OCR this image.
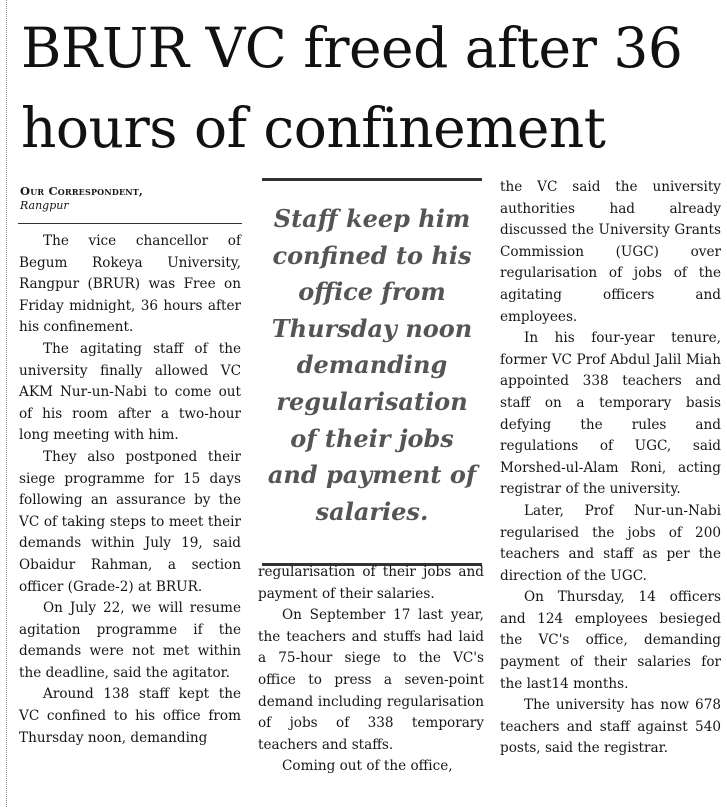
BRUR VC freed after 36 hours of confinement
Our Correspondent,
Rangpur

The vice chancellor of Begum Rokeya University, Rangpur (BRUR) was Free on Friday midnight, 36 hours after his confinement.

The agitating staff of the university finally allowed VC AKM Nur-un-Nabi to come out of his room after a two-hour long meeting with him.

They also postponed their siege programme for 15 days following an assurance by the VC of taking steps to meet their demands within July 19, said Obaidur Rahman, a section officer (Grade-2) at BRUR.

On July 22, we will resume agitation programme if the demands were not met within the deadline, said the agitator.

Around 138 staff kept the VC confined to his office from Thursday noon, demanding

Staff keep him confined to his office from Thursday noon demanding regularisation of their jobs and payment of salaries.

regularisation of their jobs and payment of their salaries.

On September 17 last year, the teachers and stuffs had laid a 75-hour siege to the VC's office to press a seven-point demand including regularisation of jobs of 338 temporary teachers and staffs.

Coming out of the office,

the VC said the university authorities had already discussed the University Grants Commission (UGC) over regularisation of jobs of the agitating officers and employees.

In his four-year tenure, former VC Prof Abdul Jalil Miah appointed 338 teachers and staff on a temporary basis defying the rules and regulations of UGC, said Morshed-ul-Alam Roni, acting registrar of the university.

Later, Prof Nur-un-Nabi regularised the jobs of 200 teachers and staff as per the direction of the UGC.

On Thursday, 14 officers and 124 employees besieged the VC's office, demanding payment of their salaries for the last14 months.

The university has now 678 teachers and staff against 540 posts, said the registrar.
